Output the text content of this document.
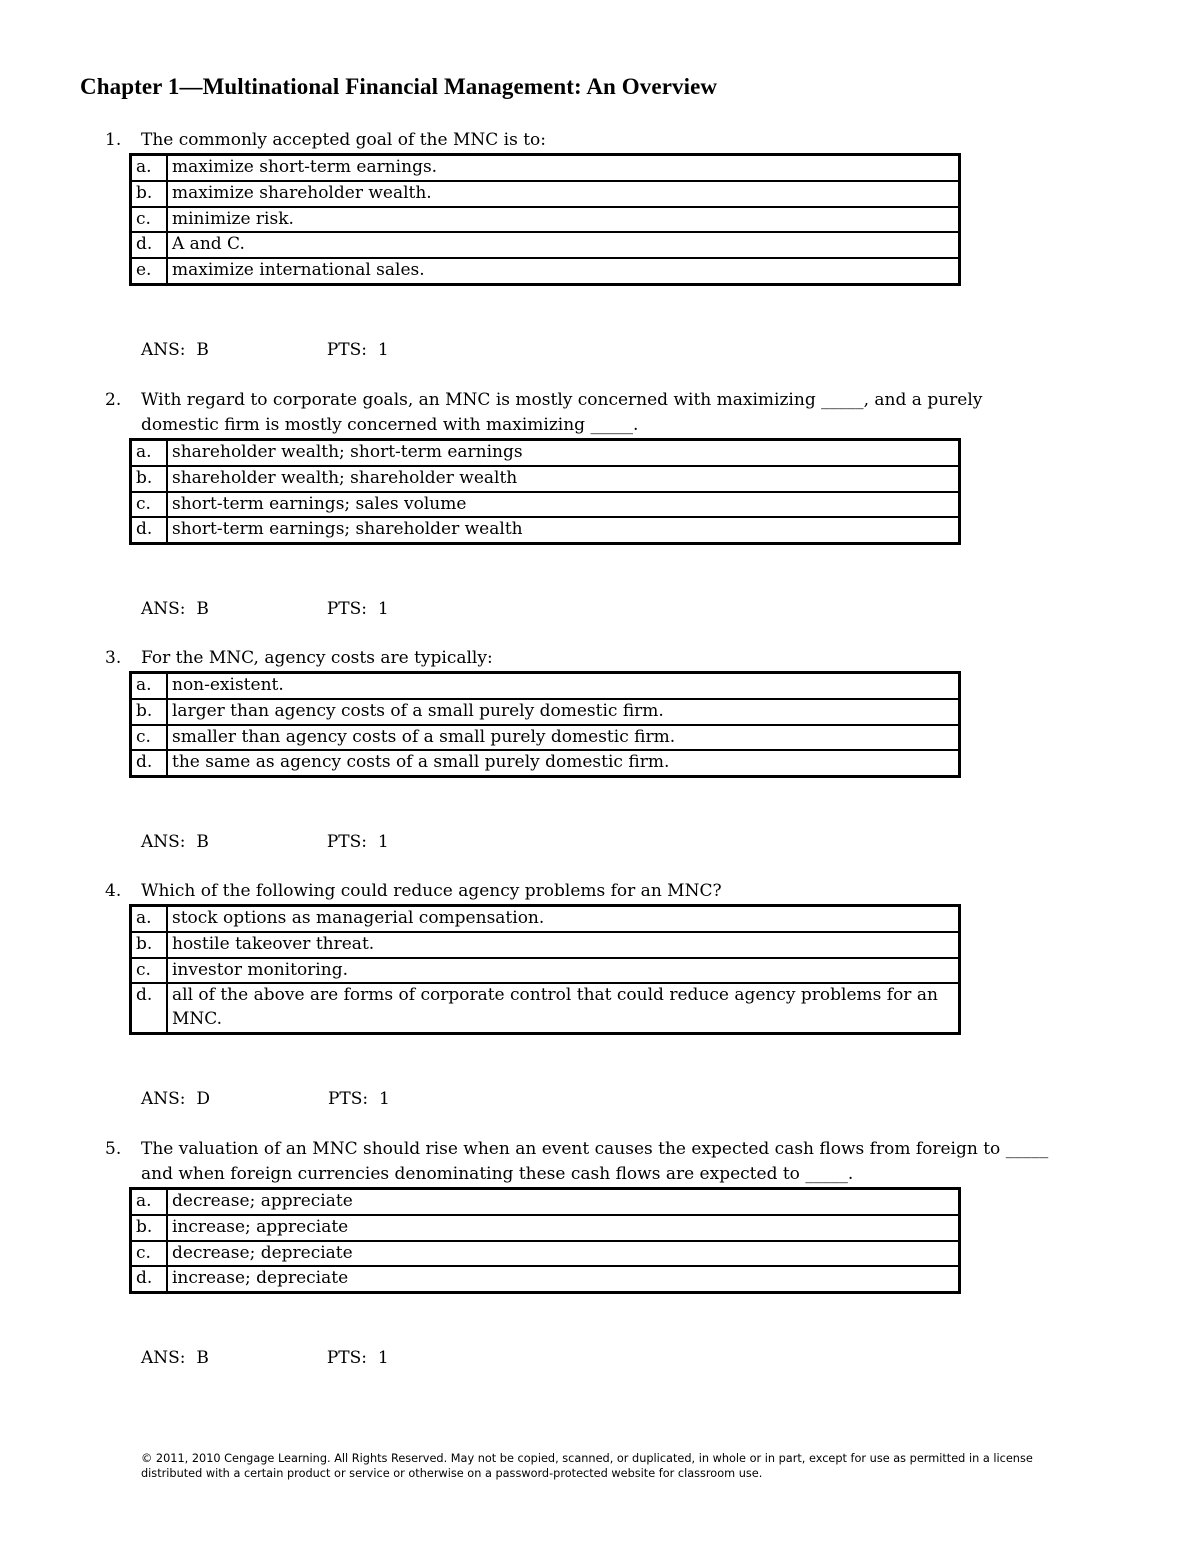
Chapter 1—Multinational Financial Management: An Overview
1. The commonly accepted goal of the MNC is to:
a.	maximize short-term earnings.
b.	maximize shareholder wealth.
c.	minimize risk.
d.	A and C.
e.	maximize international sales.
ANS: B	PTS: 1
2. With regard to corporate goals, an MNC is mostly concerned with maximizing _____, and a purely domestic firm is mostly concerned with maximizing _____.
a.	shareholder wealth; short-term earnings
b.	shareholder wealth; shareholder wealth
c.	short-term earnings; sales volume
d.	short-term earnings; shareholder wealth
ANS: B	PTS: 1
3. For the MNC, agency costs are typically:
a.	non-existent.
b.	larger than agency costs of a small purely domestic firm.
c.	smaller than agency costs of a small purely domestic firm.
d.	the same as agency costs of a small purely domestic firm.
ANS: B	PTS: 1
4. Which of the following could reduce agency problems for an MNC?
a.	stock options as managerial compensation.
b.	hostile takeover threat.
c.	investor monitoring.
d.	all of the above are forms of corporate control that could reduce agency problems for an MNC.
ANS: D	PTS: 1
5. The valuation of an MNC should rise when an event causes the expected cash flows from foreign to _____ and when foreign currencies denominating these cash flows are expected to _____.
a.	decrease; appreciate
b.	increase; appreciate
c.	decrease; depreciate
d.	increase; depreciate
ANS: B	PTS: 1
© 2011, 2010 Cengage Learning. All Rights Reserved. May not be copied, scanned, or duplicated, in whole or in part, except for use as permitted in a license distributed with a certain product or service or otherwise on a password-protected website for classroom use.
